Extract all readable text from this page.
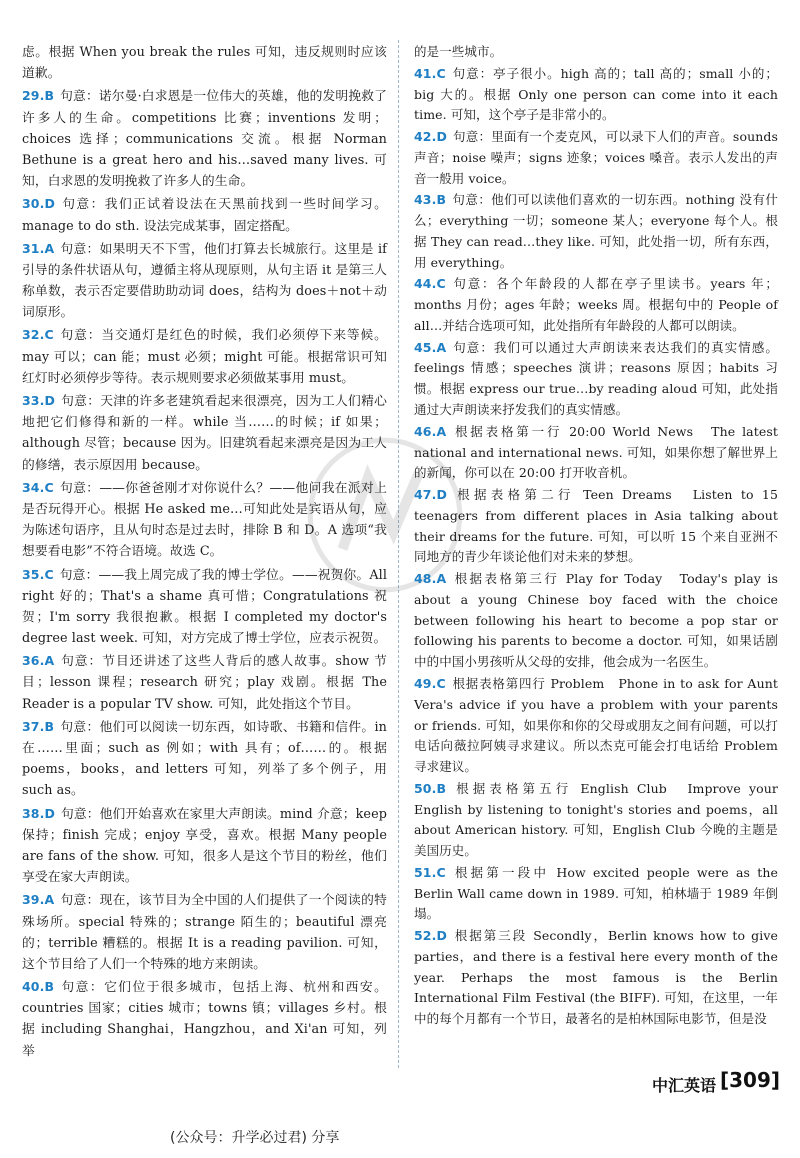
虑。根据 When you break the rules 可知，违反规则时应该道歉。

29.B 句意：诺尔曼·白求恩是一位伟大的英雄，他的发明挽救了许多人的生命。competitions 比赛；inventions 发明；choices 选择；communications 交流。根据 Norman Bethune is a great hero and his…saved many lives. 可知，白求恩的发明挽救了许多人的生命。

30.D 句意：我们正试着设法在天黑前找到一些时间学习。manage to do sth. 设法完成某事，固定搭配。

31.A 句意：如果明天不下雪，他们打算去长城旅行。这里是 if 引导的条件状语从句，遵循主将从现原则，从句主语 it 是第三人称单数，表示否定要借助助动词 does，结构为 does＋not＋动词原形。

32.C 句意：当交通灯是红色的时候，我们必须停下来等候。may 可以；can 能；must 必须；might 可能。根据常识可知红灯时必须停步等待。表示规则要求必须做某事用 must。

33.D 句意：天津的许多老建筑看起来很漂亮，因为工人们精心地把它们修得和新的一样。while 当……的时候；if 如果；although 尽管；because 因为。旧建筑看起来漂亮是因为工人的修缮，表示原因用 because。

34.C 句意：——你爸爸刚才对你说什么？——他问我在派对上是否玩得开心。根据 He asked me…可知此处是宾语从句，应为陈述句语序，且从句时态是过去时，排除 B 和 D。A 选项“我想要看电影”不符合语境。故选 C。

35.C 句意：——我上周完成了我的博士学位。——祝贺你。All right 好的；That's a shame 真可惜；Congratulations 祝贺；I'm sorry 我很抱歉。根据 I completed my doctor's degree last week. 可知，对方完成了博士学位，应表示祝贺。

36.A 句意：节目还讲述了这些人背后的感人故事。show 节目；lesson 课程；research 研究；play 戏剧。根据 The Reader is a popular TV show. 可知，此处指这个节目。

37.B 句意：他们可以阅读一切东西，如诗歌、书籍和信件。in 在……里面；such as 例如；with 具有；of……的。根据 poems，books，and letters 可知，列举了多个例子，用 such as。

38.D 句意：他们开始喜欢在家里大声朗读。mind 介意；keep 保持；finish 完成；enjoy 享受，喜欢。根据 Many people are fans of the show. 可知，很多人是这个节目的粉丝，他们享受在家大声朗读。

39.A 句意：现在，该节目为全中国的人们提供了一个阅读的特殊场所。special 特殊的；strange 陌生的；beautiful 漂亮的；terrible 糟糕的。根据 It is a reading pavilion. 可知，这个节目给了人们一个特殊的地方来朗读。

40.B 句意：它们位于很多城市，包括上海、杭州和西安。countries 国家；cities 城市；towns 镇；villages 乡村。根据 including Shanghai，Hangzhou，and Xi'an 可知，列举

的是一些城市。

41.C 句意：亭子很小。high 高的；tall 高的；small 小的；big 大的。根据 Only one person can come into it each time. 可知，这个亭子是非常小的。

42.D 句意：里面有一个麦克风，可以录下人们的声音。sounds 声音；noise 噪声；signs 迹象；voices 嗓音。表示人发出的声音一般用 voice。

43.B 句意：他们可以读他们喜欢的一切东西。nothing 没有什么；everything 一切；someone 某人；everyone 每个人。根据 They can read…they like. 可知，此处指一切，所有东西，用 everything。

44.C 句意：各个年龄段的人都在亭子里读书。years 年；months 月份；ages 年龄；weeks 周。根据句中的 People of all…并结合选项可知，此处指所有年龄段的人都可以朗读。

45.A 句意：我们可以通过大声朗读来表达我们的真实情感。feelings 情感；speeches 演讲；reasons 原因；habits 习惯。根据 express our true…by reading aloud 可知，此处指通过大声朗读来抒发我们的真实情感。

46.A 根据表格第一行 20:00 World News　The latest national and international news. 可知，如果你想了解世界上的新闻，你可以在 20:00 打开收音机。

47.D 根据表格第二行 Teen Dreams　Listen to 15 teenagers from different places in Asia talking about their dreams for the future. 可知，可以听 15 个来自亚洲不同地方的青少年谈论他们对未来的梦想。

48.A 根据表格第三行 Play for Today　Today's play is about a young Chinese boy faced with the choice between following his heart to become a pop star or following his parents to become a doctor. 可知，如果话剧中的中国小男孩听从父母的安排，他会成为一名医生。

49.C 根据表格第四行 Problem　Phone in to ask for Aunt Vera's advice if you have a problem with your parents or friends. 可知，如果你和你的父母或朋友之间有问题，可以打电话向薇拉阿姨寻求建议。所以杰克可能会打电话给 Problem 寻求建议。

50.B 根据表格第五行 English Club　Improve your English by listening to tonight's stories and poems，all about American history. 可知，English Club 今晚的主题是美国历史。

51.C 根据第一段中 How excited people were as the Berlin Wall came down in 1989. 可知，柏林墙于 1989 年倒塌。

52.D 根据第三段 Secondly，Berlin knows how to give parties，and there is a festival here every month of the year. Perhaps the most famous is the Berlin International Film Festival (the BIFF). 可知，在这里，一年中的每个月都有一个节日，最著名的是柏林国际电影节，但是没

中汇英语 [309]
(公众号：升学必过君) 分享
